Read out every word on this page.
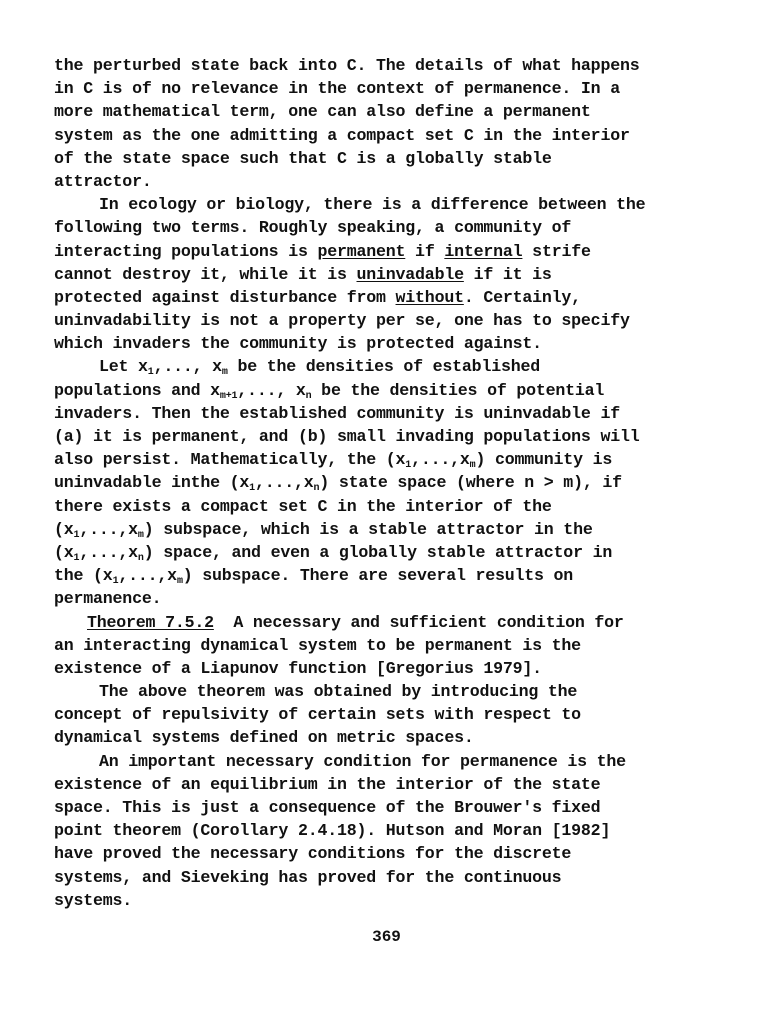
the perturbed state back into C. The details of what happens
in C is of no relevance in the context of permanence. In a
more mathematical term, one can also define a permanent
system as the one admitting a compact set C in the interior
of the state space such that C is a globally stable
attractor.
In ecology or biology, there is a difference between the
following two terms. Roughly speaking, a community of
interacting populations is permanent if internal strife
cannot destroy it, while it is uninvadable if it is
protected against disturbance from without. Certainly,
uninvadability is not a property per se, one has to specify
which invaders the community is protected against.
Let $x_1$,..., $x_m$ be the densities of established
populations and $x_{m+1}$,..., $x_n$ be the densities of potential
invaders. Then the established community is uninvadable if
(a) it is permanent, and (b) small invading populations will
also persist. Mathematically, the $(x_1,...,x_m)$ community is
uninvadable inthe $(x_1,...,x_n)$ state space (where n > m), if
there exists a compact set C in the interior of the
$(x_1,...,x_m)$ subspace, which is a stable attractor in the
$(x_1,...,x_n)$ space, and even a globally stable attractor in
the $(x_1,...,x_m)$ subspace. There are several results on
permanence.
Theorem 7.5.2  A necessary and sufficient condition for
an interacting dynamical system to be permanent is the
existence of a Liapunov function [Gregorius 1979].
The above theorem was obtained by introducing the
concept of repulsivity of certain sets with respect to
dynamical systems defined on metric spaces.
An important necessary condition for permanence is the
existence of an equilibrium in the interior of the state
space. This is just a consequence of the Brouwer's fixed
point theorem (Corollary 2.4.18). Hutson and Moran [1982]
have proved the necessary conditions for the discrete
systems, and Sieveking has proved for the continuous
systems.
369
